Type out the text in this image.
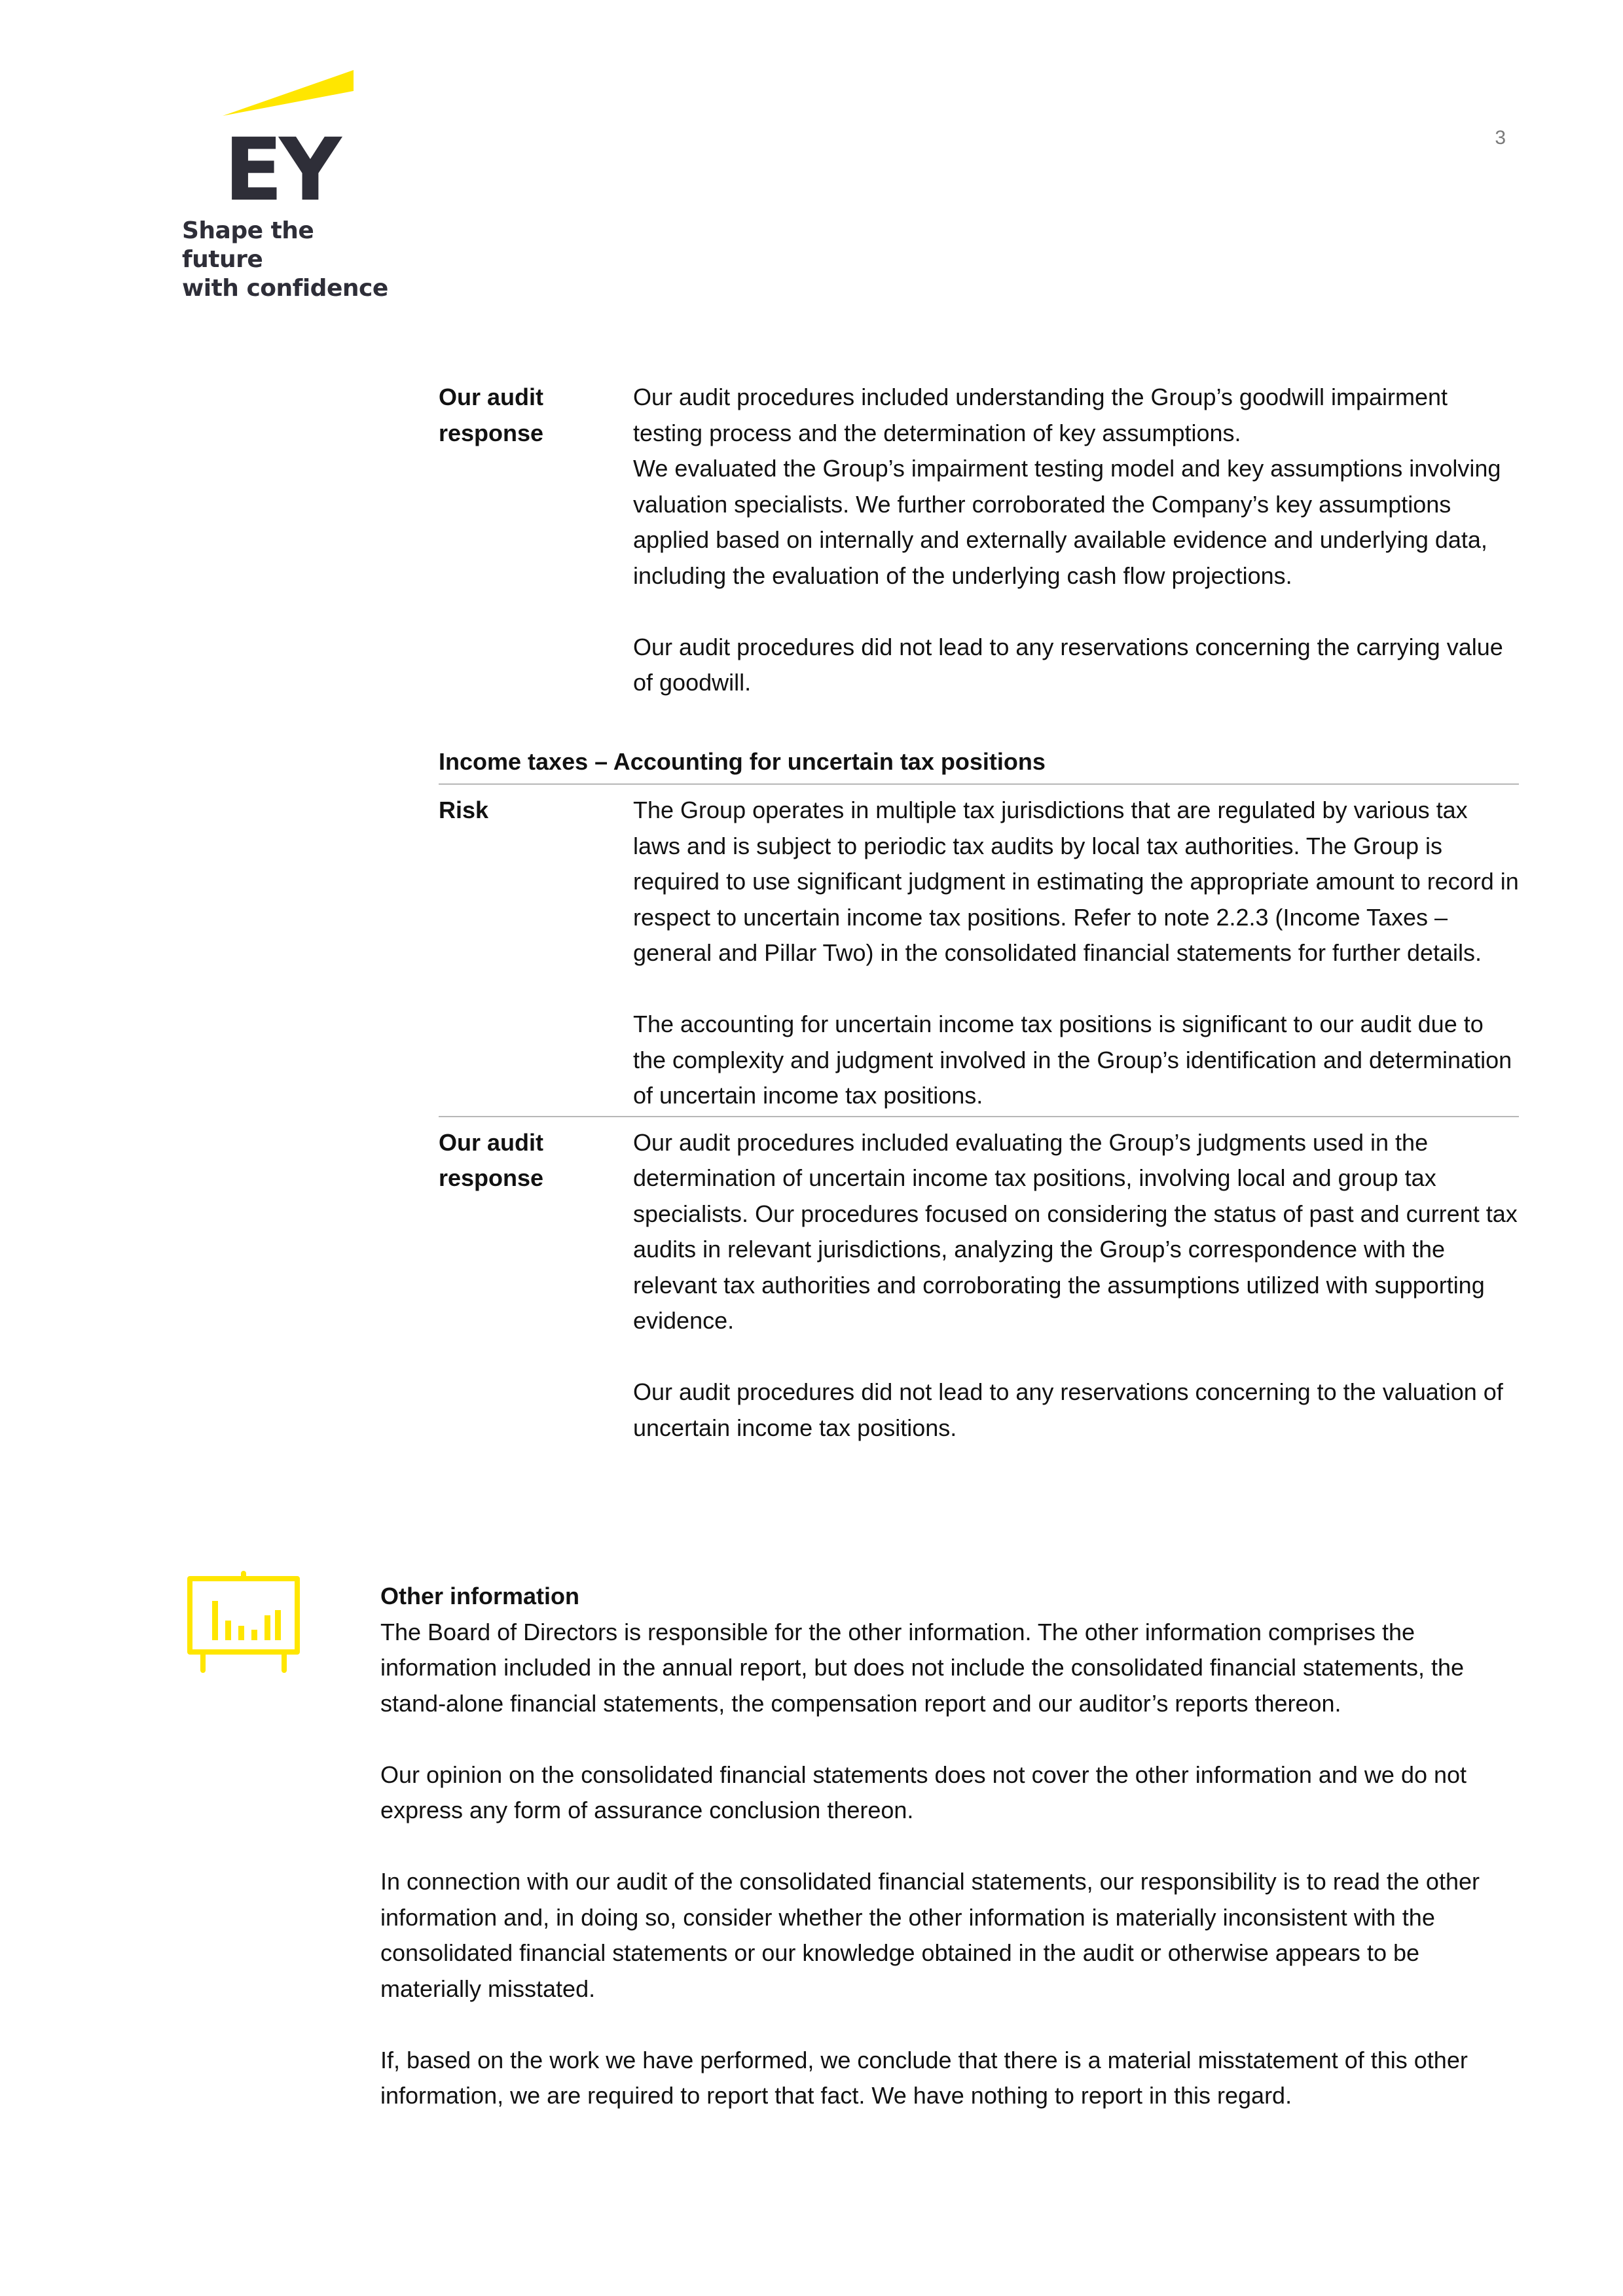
EY
Shape the future
with confidence
3
Our audit
response

Our audit procedures included understanding the Group’s goodwill impairment testing process and the determination of key assumptions.

We evaluated the Group’s impairment testing model and key assumptions involving valuation specialists. We further corroborated the Company’s key assumptions applied based on internally and externally available evidence and underlying data, including the evaluation of the underlying cash flow projections.

Our audit procedures did not lead to any reservations concerning the carrying value of goodwill.

Income taxes – Accounting for uncertain tax positions
Risk	The Group operates in multiple tax jurisdictions that are regulated by various tax laws and is subject to periodic tax audits by local tax authorities. The Group is required to use significant judgment in estimating the appropriate amount to record in respect to uncertain income tax positions. Refer to note 2.2.3 (Income Taxes – general and Pillar Two) in the consolidated financial statements for further details.

The accounting for uncertain income tax positions is significant to our audit due to the complexity and judgment involved in the Group’s identification and determination of uncertain income tax positions.

Our audit
response

Our audit procedures included evaluating the Group’s judgments used in the determination of uncertain income tax positions, involving local and group tax specialists. Our procedures focused on considering the status of past and current tax audits in relevant jurisdictions, analyzing the Group’s correspondence with the relevant tax authorities and corroborating the assumptions utilized with supporting evidence.

Our audit procedures did not lead to any reservations concerning to the valuation of uncertain income tax positions.

Other information

The Board of Directors is responsible for the other information. The other information comprises the information included in the annual report, but does not include the consolidated financial statements, the stand-alone financial statements, the compensation report and our auditor’s reports thereon.

Our opinion on the consolidated financial statements does not cover the other information and we do not express any form of assurance conclusion thereon.

In connection with our audit of the consolidated financial statements, our responsibility is to read the other information and, in doing so, consider whether the other information is materially inconsistent with the consolidated financial statements or our knowledge obtained in the audit or otherwise appears to be materially misstated.

If, based on the work we have performed, we conclude that there is a material misstatement of this other information, we are required to report that fact. We have nothing to report in this regard.
